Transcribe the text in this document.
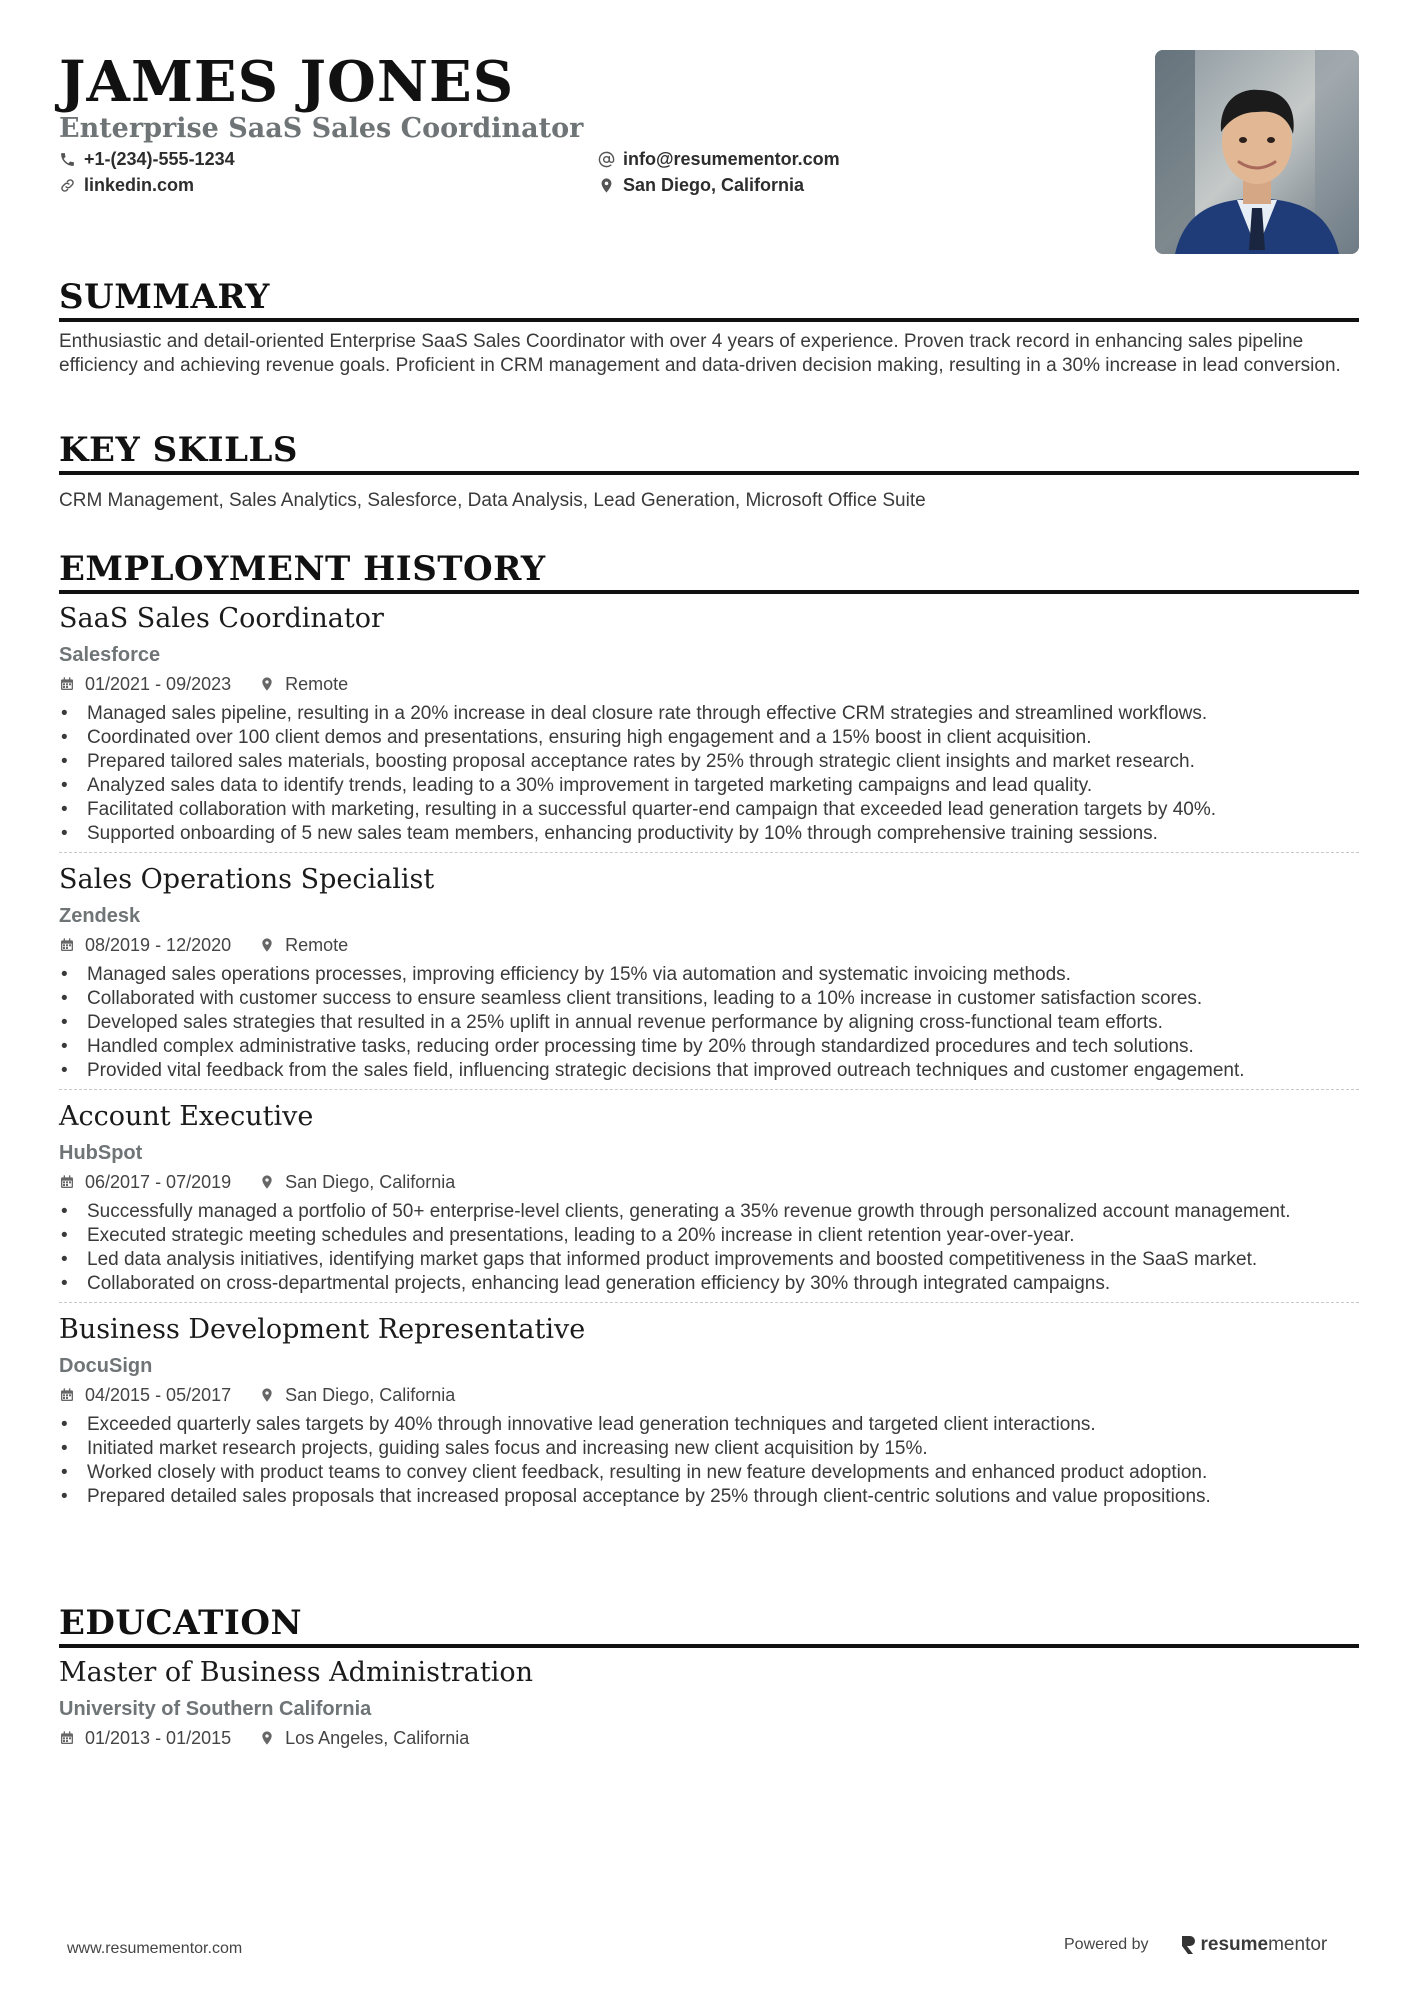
JAMES JONES
Enterprise SaaS Sales Coordinator
+1-(234)-555-1234
linkedin.com
info@resumementor.com
San Diego, California
SUMMARY

Enthusiastic and detail-oriented Enterprise SaaS Sales Coordinator with over 4 years of experience. Proven track record in enhancing sales pipeline efficiency and achieving revenue goals. Proficient in CRM management and data-driven decision making, resulting in a 30% increase in lead conversion.

KEY SKILLS

CRM Management, Sales Analytics, Salesforce, Data Analysis, Lead Generation, Microsoft Office Suite

EMPLOYMENT HISTORY

SaaS Sales Coordinator

Salesforce

01/2021 - 09/2023	Remote
• Managed sales pipeline, resulting in a 20% increase in deal closure rate through effective CRM strategies and streamlined workflows.
• Coordinated over 100 client demos and presentations, ensuring high engagement and a 15% boost in client acquisition.
• Prepared tailored sales materials, boosting proposal acceptance rates by 25% through strategic client insights and market research.
• Analyzed sales data to identify trends, leading to a 30% improvement in targeted marketing campaigns and lead quality.
• Facilitated collaboration with marketing, resulting in a successful quarter-end campaign that exceeded lead generation targets by 40%.
• Supported onboarding of 5 new sales team members, enhancing productivity by 10% through comprehensive training sessions.

Sales Operations Specialist

Zendesk

08/2019 - 12/2020	Remote
• Managed sales operations processes, improving efficiency by 15% via automation and systematic invoicing methods.
• Collaborated with customer success to ensure seamless client transitions, leading to a 10% increase in customer satisfaction scores.
• Developed sales strategies that resulted in a 25% uplift in annual revenue performance by aligning cross-functional team efforts.
• Handled complex administrative tasks, reducing order processing time by 20% through standardized procedures and tech solutions.
• Provided vital feedback from the sales field, influencing strategic decisions that improved outreach techniques and customer engagement.

Account Executive

HubSpot

06/2017 - 07/2019	San Diego, California
• Successfully managed a portfolio of 50+ enterprise-level clients, generating a 35% revenue growth through personalized account management.
• Executed strategic meeting schedules and presentations, leading to a 20% increase in client retention year-over-year.
• Led data analysis initiatives, identifying market gaps that informed product improvements and boosted competitiveness in the SaaS market.
• Collaborated on cross-departmental projects, enhancing lead generation efficiency by 30% through integrated campaigns.

Business Development Representative

DocuSign

04/2015 - 05/2017	San Diego, California
• Exceeded quarterly sales targets by 40% through innovative lead generation techniques and targeted client interactions.
• Initiated market research projects, guiding sales focus and increasing new client acquisition by 15%.
• Worked closely with product teams to convey client feedback, resulting in new feature developments and enhanced product adoption.
• Prepared detailed sales proposals that increased proposal acceptance by 25% through client-centric solutions and value propositions.
EDUCATION

Master of Business Administration

University of Southern California

01/2013 - 01/2015	Los Angeles, California
www.resumementor.com	Powered by	resume mentor
